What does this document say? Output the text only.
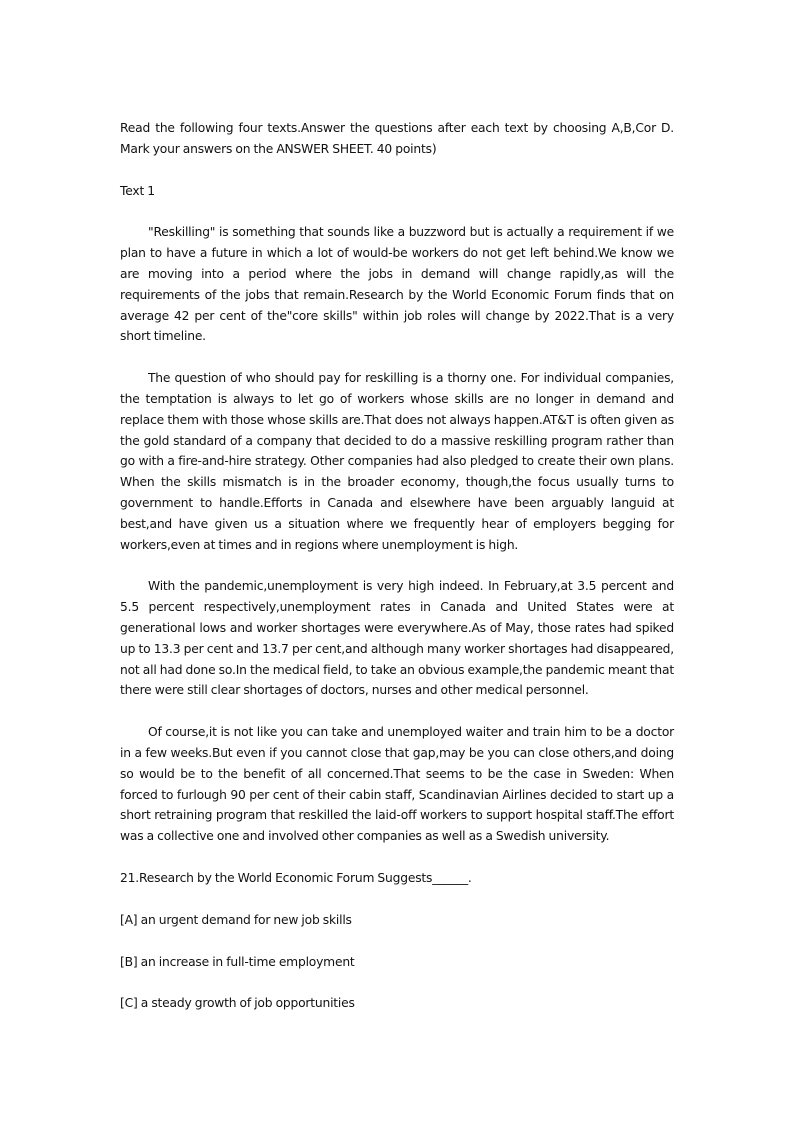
Read the following four texts.Answer the questions after each text by choosing A,B,Cor D. Mark your answers on the ANSWER SHEET. 40 points)

Text 1

"Reskilling" is something that sounds like a buzzword but is actually a requirement if we plan to have a future in which a lot of would-be workers do not get left behind.We know we are moving into a period where the jobs in demand will change rapidly,as will the requirements of the jobs that remain.Research by the World Economic Forum finds that on average 42 per cent of the"core skills" within job roles will change by 2022.That is a very short timeline.

The question of who should pay for reskilling is a thorny one. For individual companies, the temptation is always to let go of workers whose skills are no longer in demand and replace them with those whose skills are.That does not always happen.AT&T is often given as the gold standard of a company that decided to do a massive reskilling program rather than go with a fire-and-hire strategy. Other companies had also pledged to create their own plans. When the skills mismatch is in the broader economy, though,the focus usually turns to government to handle.Efforts in Canada and elsewhere have been arguably languid at best,and have given us a situation where we frequently hear of employers begging for workers,even at times and in regions where unemployment is high.

With the pandemic,unemployment is very high indeed. In February,at 3.5 percent and 5.5 percent respectively,unemployment rates in Canada and United States were at generational lows and worker shortages were everywhere.As of May, those rates had spiked up to 13.3 per cent and 13.7 per cent,and although many worker shortages had disappeared, not all had done so.In the medical field, to take an obvious example,the pandemic meant that there were still clear shortages of doctors, nurses and other medical personnel.

Of course,it is not like you can take and unemployed waiter and train him to be a doctor in a few weeks.But even if you cannot close that gap,may be you can close others,and doing so would be to the benefit of all concerned.That seems to be the case in Sweden: When forced to furlough 90 per cent of their cabin staff, Scandinavian Airlines decided to start up a short retraining program that reskilled the laid-off workers to support hospital staff.The effort was a collective one and involved other companies as well as a Swedish university.

21.Research by the World Economic Forum Suggests______.

[A] an urgent demand for new job skills

[B] an increase in full-time employment

[C] a steady growth of job opportunities
